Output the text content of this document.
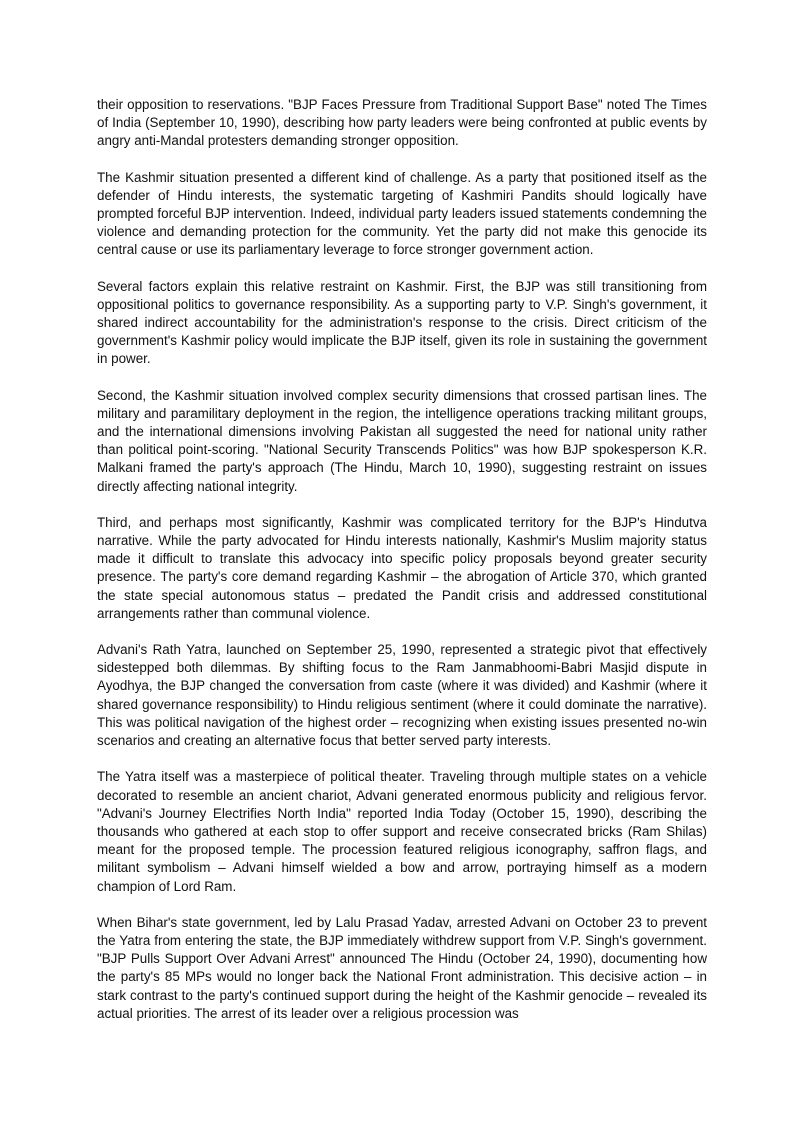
their opposition to reservations. "BJP Faces Pressure from Traditional Support Base" noted The Times of India (September 10, 1990), describing how party leaders were being confronted at public events by angry anti-Mandal protesters demanding stronger opposition.

The Kashmir situation presented a different kind of challenge. As a party that positioned itself as the defender of Hindu interests, the systematic targeting of Kashmiri Pandits should logically have prompted forceful BJP intervention. Indeed, individual party leaders issued statements condemning the violence and demanding protection for the community. Yet the party did not make this genocide its central cause or use its parliamentary leverage to force stronger government action.

Several factors explain this relative restraint on Kashmir. First, the BJP was still transitioning from oppositional politics to governance responsibility. As a supporting party to V.P. Singh's government, it shared indirect accountability for the administration's response to the crisis. Direct criticism of the government's Kashmir policy would implicate the BJP itself, given its role in sustaining the government in power.

Second, the Kashmir situation involved complex security dimensions that crossed partisan lines. The military and paramilitary deployment in the region, the intelligence operations tracking militant groups, and the international dimensions involving Pakistan all suggested the need for national unity rather than political point-scoring. "National Security Transcends Politics" was how BJP spokesperson K.R. Malkani framed the party's approach (The Hindu, March 10, 1990), suggesting restraint on issues directly affecting national integrity.

Third, and perhaps most significantly, Kashmir was complicated territory for the BJP's Hindutva narrative. While the party advocated for Hindu interests nationally, Kashmir's Muslim majority status made it difficult to translate this advocacy into specific policy proposals beyond greater security presence. The party's core demand regarding Kashmir – the abrogation of Article 370, which granted the state special autonomous status – predated the Pandit crisis and addressed constitutional arrangements rather than communal violence.

Advani's Rath Yatra, launched on September 25, 1990, represented a strategic pivot that effectively sidestepped both dilemmas. By shifting focus to the Ram Janmabhoomi-Babri Masjid dispute in Ayodhya, the BJP changed the conversation from caste (where it was divided) and Kashmir (where it shared governance responsibility) to Hindu religious sentiment (where it could dominate the narrative). This was political navigation of the highest order – recognizing when existing issues presented no-win scenarios and creating an alternative focus that better served party interests.

The Yatra itself was a masterpiece of political theater. Traveling through multiple states on a vehicle decorated to resemble an ancient chariot, Advani generated enormous publicity and religious fervor. "Advani's Journey Electrifies North India" reported India Today (October 15, 1990), describing the thousands who gathered at each stop to offer support and receive consecrated bricks (Ram Shilas) meant for the proposed temple. The procession featured religious iconography, saffron flags, and militant symbolism – Advani himself wielded a bow and arrow, portraying himself as a modern champion of Lord Ram.

When Bihar's state government, led by Lalu Prasad Yadav, arrested Advani on October 23 to prevent the Yatra from entering the state, the BJP immediately withdrew support from V.P. Singh's government. "BJP Pulls Support Over Advani Arrest" announced The Hindu (October 24, 1990), documenting how the party's 85 MPs would no longer back the National Front administration. This decisive action – in stark contrast to the party's continued support during the height of the Kashmir genocide – revealed its actual priorities. The arrest of its leader over a religious procession was
